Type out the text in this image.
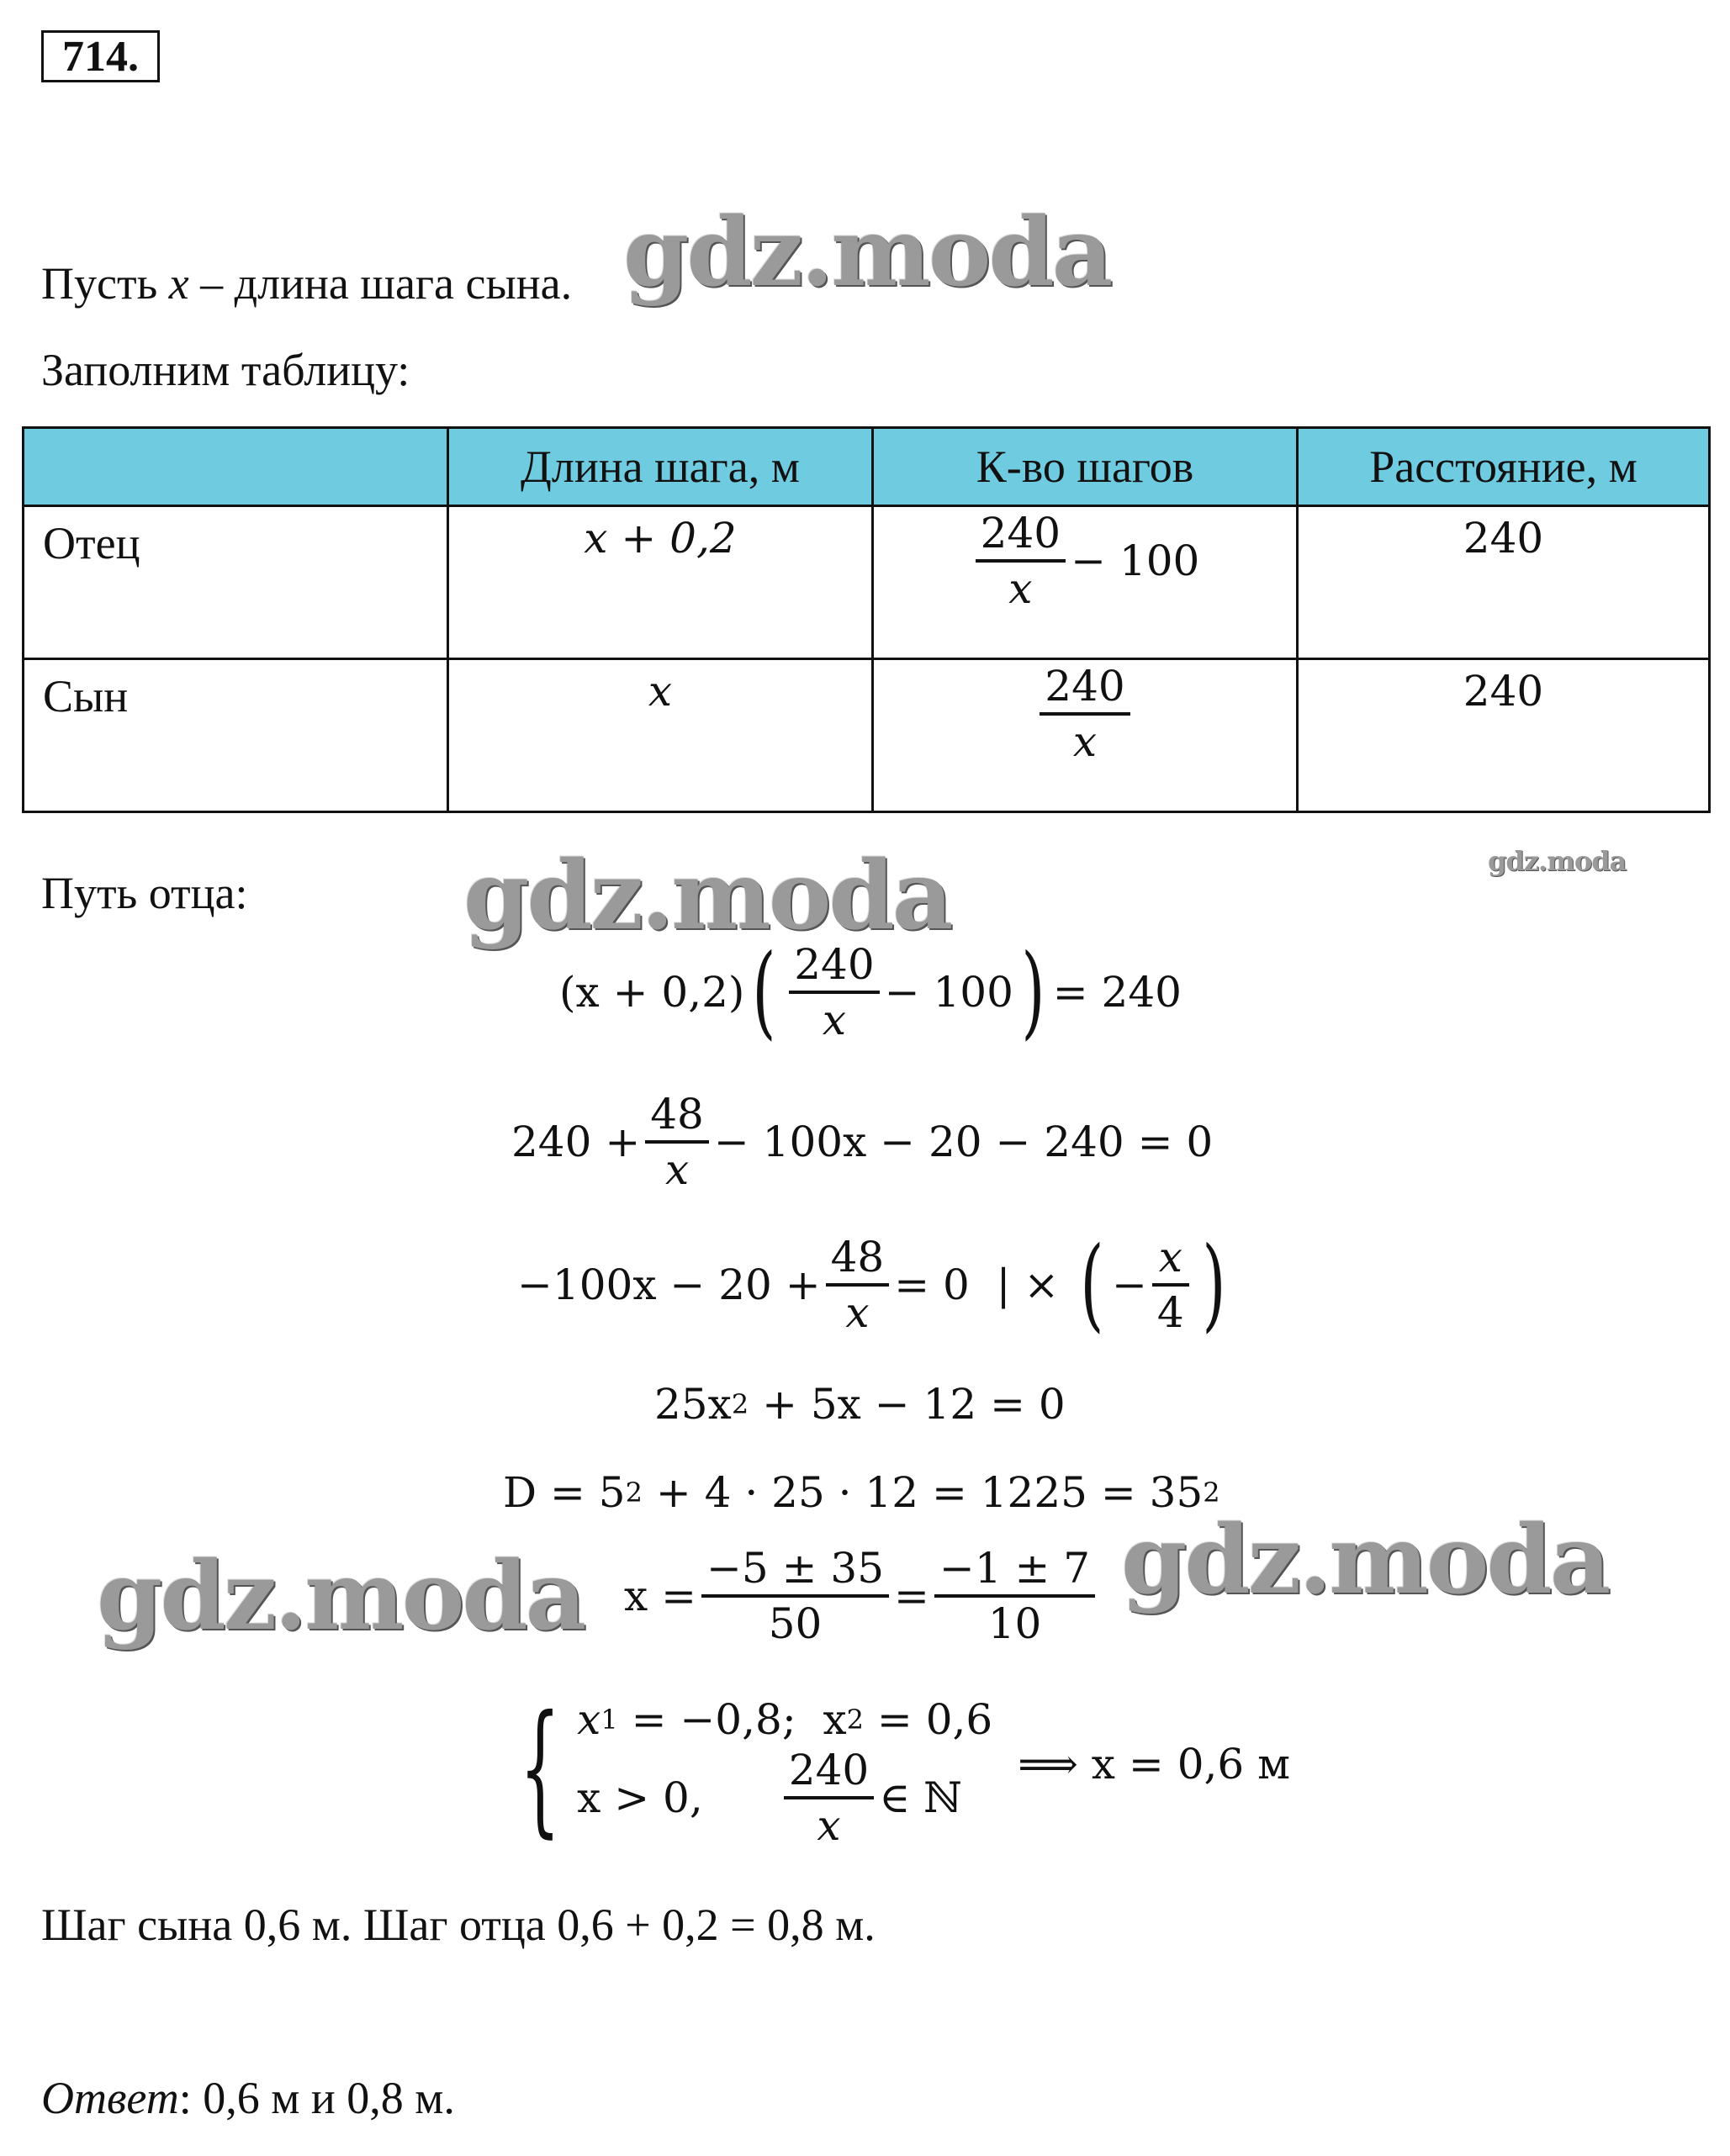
714.
Пусть x – длина шага сына. gdz.moda
Заполним таблицу:
	Длина шага, м	К-во шагов	Расстояние, м
Отец	x + 0,2	$\frac{240}{x} - 100$	240

Сын	x	$\frac{240}{x}$	240
Путь отца: gdz.moda	gdz.moda
(x + 0,2) ( $\frac{240}{x} - 100$ ) = 240
$240 + \frac{48}{x} - 100x - 20 - 240 = 0$
$-100x - 20 + \frac{48}{x} = 0$  | × ( − $\frac{x}{4}$ )
25x 2 + 5x − 12 = 0
D = 5 2 + 4 · 25 · 12 = 1225 = 35 2
gdz.moda	gdz.moda
$x = \frac{-5 \pm 35}{50} = \frac{-1 \pm 7}{10}$
{ x 1 = −0,8;  x 2 = 0,6
x > 0, $\frac{240}{x}$ ∈ ℕ
⟹ x = 0,6 м
Шаг сына 0,6 м. Шаг отца 0,6 + 0,2 = 0,8 м.
Ответ: 0,6 м и 0,8 м.
